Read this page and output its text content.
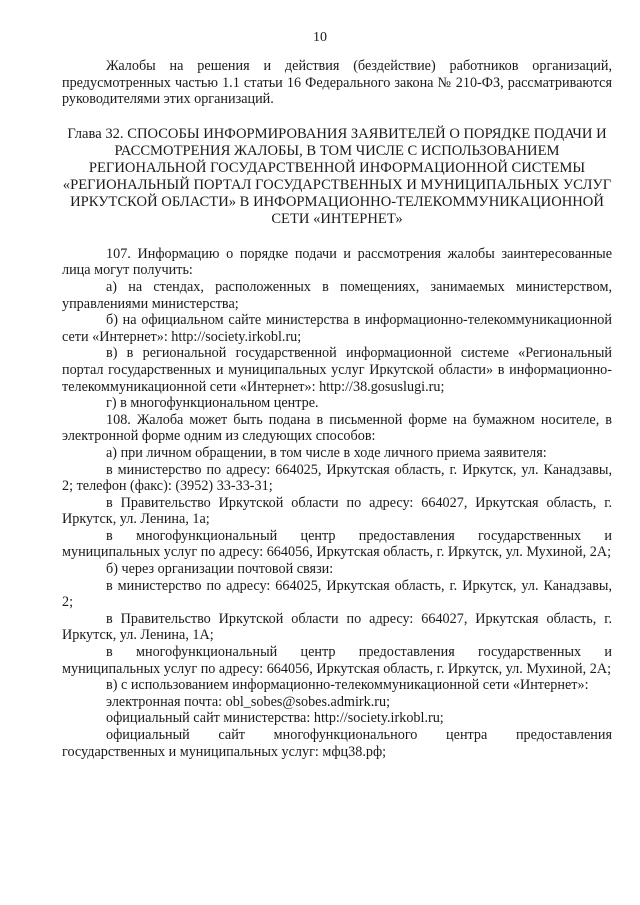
10

Жалобы на решения и действия (бездействие) работников организаций, предусмотренных частью 1.1 статьи 16 Федерального закона № 210-ФЗ, рассматриваются руководителями этих организаций.

Глава 32. СПОСОБЫ ИНФОРМИРОВАНИЯ ЗАЯВИТЕЛЕЙ О ПОРЯДКЕ ПОДАЧИ И РАССМОТРЕНИЯ ЖАЛОБЫ, В ТОМ ЧИСЛЕ С ИСПОЛЬЗОВАНИЕМ РЕГИОНАЛЬНОЙ ГОСУДАРСТВЕННОЙ ИНФОРМАЦИОННОЙ СИСТЕМЫ «РЕГИОНАЛЬНЫЙ ПОРТАЛ ГОСУДАРСТВЕННЫХ И МУНИЦИПАЛЬНЫХ УСЛУГ ИРКУТСКОЙ ОБЛАСТИ» В ИНФОРМАЦИОННО-ТЕЛЕКОММУНИКАЦИОННОЙ СЕТИ «ИНТЕРНЕТ»

107. Информацию о порядке подачи и рассмотрения жалобы заинтересованные лица могут получить:

а) на стендах, расположенных в помещениях, занимаемых министерством, управлениями министерства;

б) на официальном сайте министерства в информационно-телекоммуникационной сети «Интернет»: http://society.irkobl.ru;

в) в региональной государственной информационной системе «Региональный портал государственных и муниципальных услуг Иркутской области» в информационно-телекоммуникационной сети «Интернет»: http://38.gosuslugi.ru;

г) в многофункциональном центре.

108. Жалоба может быть подана в письменной форме на бумажном носителе, в электронной форме одним из следующих способов:

а) при личном обращении, в том числе в ходе личного приема заявителя:

в министерство по адресу: 664025, Иркутская область, г. Иркутск, ул. Канадзавы, 2; телефон (факс): (3952) 33-33-31;

в Правительство Иркутской области по адресу: 664027, Иркутская область, г. Иркутск, ул. Ленина, 1а;

в многофункциональный центр предоставления государственных и муниципальных услуг по адресу: 664056, Иркутская область, г. Иркутск, ул. Мухиной, 2А;

б) через организации почтовой связи:

в министерство по адресу: 664025, Иркутская область, г. Иркутск, ул. Канадзавы, 2;

в Правительство Иркутской области по адресу: 664027, Иркутская область, г. Иркутск, ул. Ленина, 1А;

в многофункциональный центр предоставления государственных и муниципальных услуг по адресу: 664056, Иркутская область, г. Иркутск, ул. Мухиной, 2А;

в) с использованием информационно-телекоммуникационной сети «Интернет»:

электронная почта: obl_sobes@sobes.admirk.ru;

официальный сайт министерства: http://society.irkobl.ru;

официальный сайт многофункционального центра предоставления государственных и муниципальных услуг: мфц38.рф;
